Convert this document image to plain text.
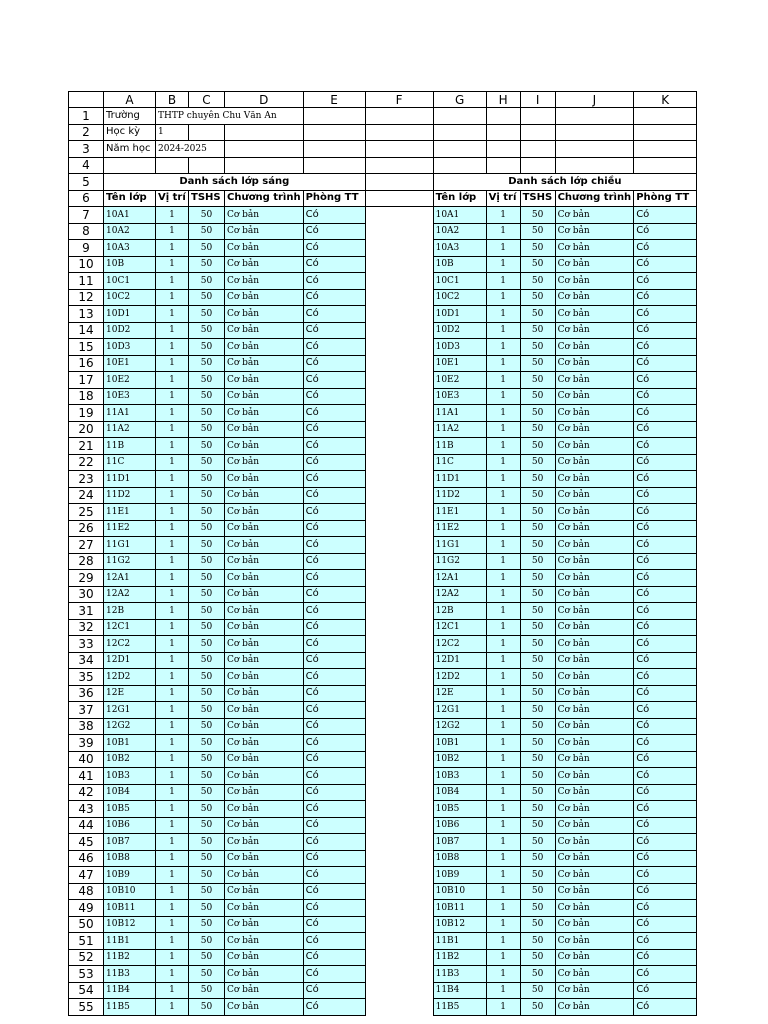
	A	B	C	D	E	F	G	H	I	J	K
1	Trường	THTP chuyên Chu Văn An									
2	Học kỳ	1									
3	Năm học	2024-2025									
4											
5	Danh sách lớp sáng						Danh sách lớp chiều				
6	Tên lớp	Vị trí	TSHS	Chương trình	Phòng TT		Tên lớp	Vị trí	TSHS	Chương trình	Phòng TT
7	10A1	1	50	Cơ bản	Có		10A1	1	50	Cơ bản	Có
8	10A2	1	50	Cơ bản	Có		10A2	1	50	Cơ bản	Có
9	10A3	1	50	Cơ bản	Có		10A3	1	50	Cơ bản	Có
10	10B	1	50	Cơ bản	Có		10B	1	50	Cơ bản	Có
11	10C1	1	50	Cơ bản	Có		10C1	1	50	Cơ bản	Có
12	10C2	1	50	Cơ bản	Có		10C2	1	50	Cơ bản	Có
13	10D1	1	50	Cơ bản	Có		10D1	1	50	Cơ bản	Có
14	10D2	1	50	Cơ bản	Có		10D2	1	50	Cơ bản	Có
15	10D3	1	50	Cơ bản	Có		10D3	1	50	Cơ bản	Có
16	10E1	1	50	Cơ bản	Có		10E1	1	50	Cơ bản	Có
17	10E2	1	50	Cơ bản	Có		10E2	1	50	Cơ bản	Có
18	10E3	1	50	Cơ bản	Có		10E3	1	50	Cơ bản	Có
19	11A1	1	50	Cơ bản	Có		11A1	1	50	Cơ bản	Có
20	11A2	1	50	Cơ bản	Có		11A2	1	50	Cơ bản	Có
21	11B	1	50	Cơ bản	Có		11B	1	50	Cơ bản	Có
22	11C	1	50	Cơ bản	Có		11C	1	50	Cơ bản	Có
23	11D1	1	50	Cơ bản	Có		11D1	1	50	Cơ bản	Có
24	11D2	1	50	Cơ bản	Có		11D2	1	50	Cơ bản	Có
25	11E1	1	50	Cơ bản	Có		11E1	1	50	Cơ bản	Có
26	11E2	1	50	Cơ bản	Có		11E2	1	50	Cơ bản	Có
27	11G1	1	50	Cơ bản	Có		11G1	1	50	Cơ bản	Có
28	11G2	1	50	Cơ bản	Có		11G2	1	50	Cơ bản	Có
29	12A1	1	50	Cơ bản	Có		12A1	1	50	Cơ bản	Có
30	12A2	1	50	Cơ bản	Có		12A2	1	50	Cơ bản	Có
31	12B	1	50	Cơ bản	Có		12B	1	50	Cơ bản	Có
32	12C1	1	50	Cơ bản	Có		12C1	1	50	Cơ bản	Có
33	12C2	1	50	Cơ bản	Có		12C2	1	50	Cơ bản	Có
34	12D1	1	50	Cơ bản	Có		12D1	1	50	Cơ bản	Có
35	12D2	1	50	Cơ bản	Có		12D2	1	50	Cơ bản	Có
36	12E	1	50	Cơ bản	Có		12E	1	50	Cơ bản	Có
37	12G1	1	50	Cơ bản	Có		12G1	1	50	Cơ bản	Có
38	12G2	1	50	Cơ bản	Có		12G2	1	50	Cơ bản	Có
39	10B1	1	50	Cơ bản	Có		10B1	1	50	Cơ bản	Có
40	10B2	1	50	Cơ bản	Có		10B2	1	50	Cơ bản	Có
41	10B3	1	50	Cơ bản	Có		10B3	1	50	Cơ bản	Có
42	10B4	1	50	Cơ bản	Có		10B4	1	50	Cơ bản	Có
43	10B5	1	50	Cơ bản	Có		10B5	1	50	Cơ bản	Có
44	10B6	1	50	Cơ bản	Có		10B6	1	50	Cơ bản	Có
45	10B7	1	50	Cơ bản	Có		10B7	1	50	Cơ bản	Có
46	10B8	1	50	Cơ bản	Có		10B8	1	50	Cơ bản	Có
47	10B9	1	50	Cơ bản	Có		10B9	1	50	Cơ bản	Có
48	10B10	1	50	Cơ bản	Có		10B10	1	50	Cơ bản	Có
49	10B11	1	50	Cơ bản	Có		10B11	1	50	Cơ bản	Có
50	10B12	1	50	Cơ bản	Có		10B12	1	50	Cơ bản	Có
51	11B1	1	50	Cơ bản	Có		11B1	1	50	Cơ bản	Có
52	11B2	1	50	Cơ bản	Có		11B2	1	50	Cơ bản	Có
53	11B3	1	50	Cơ bản	Có		11B3	1	50	Cơ bản	Có
54	11B4	1	50	Cơ bản	Có		11B4	1	50	Cơ bản	Có
55	11B5	1	50	Cơ bản	Có		11B5	1	50	Cơ bản	Có
